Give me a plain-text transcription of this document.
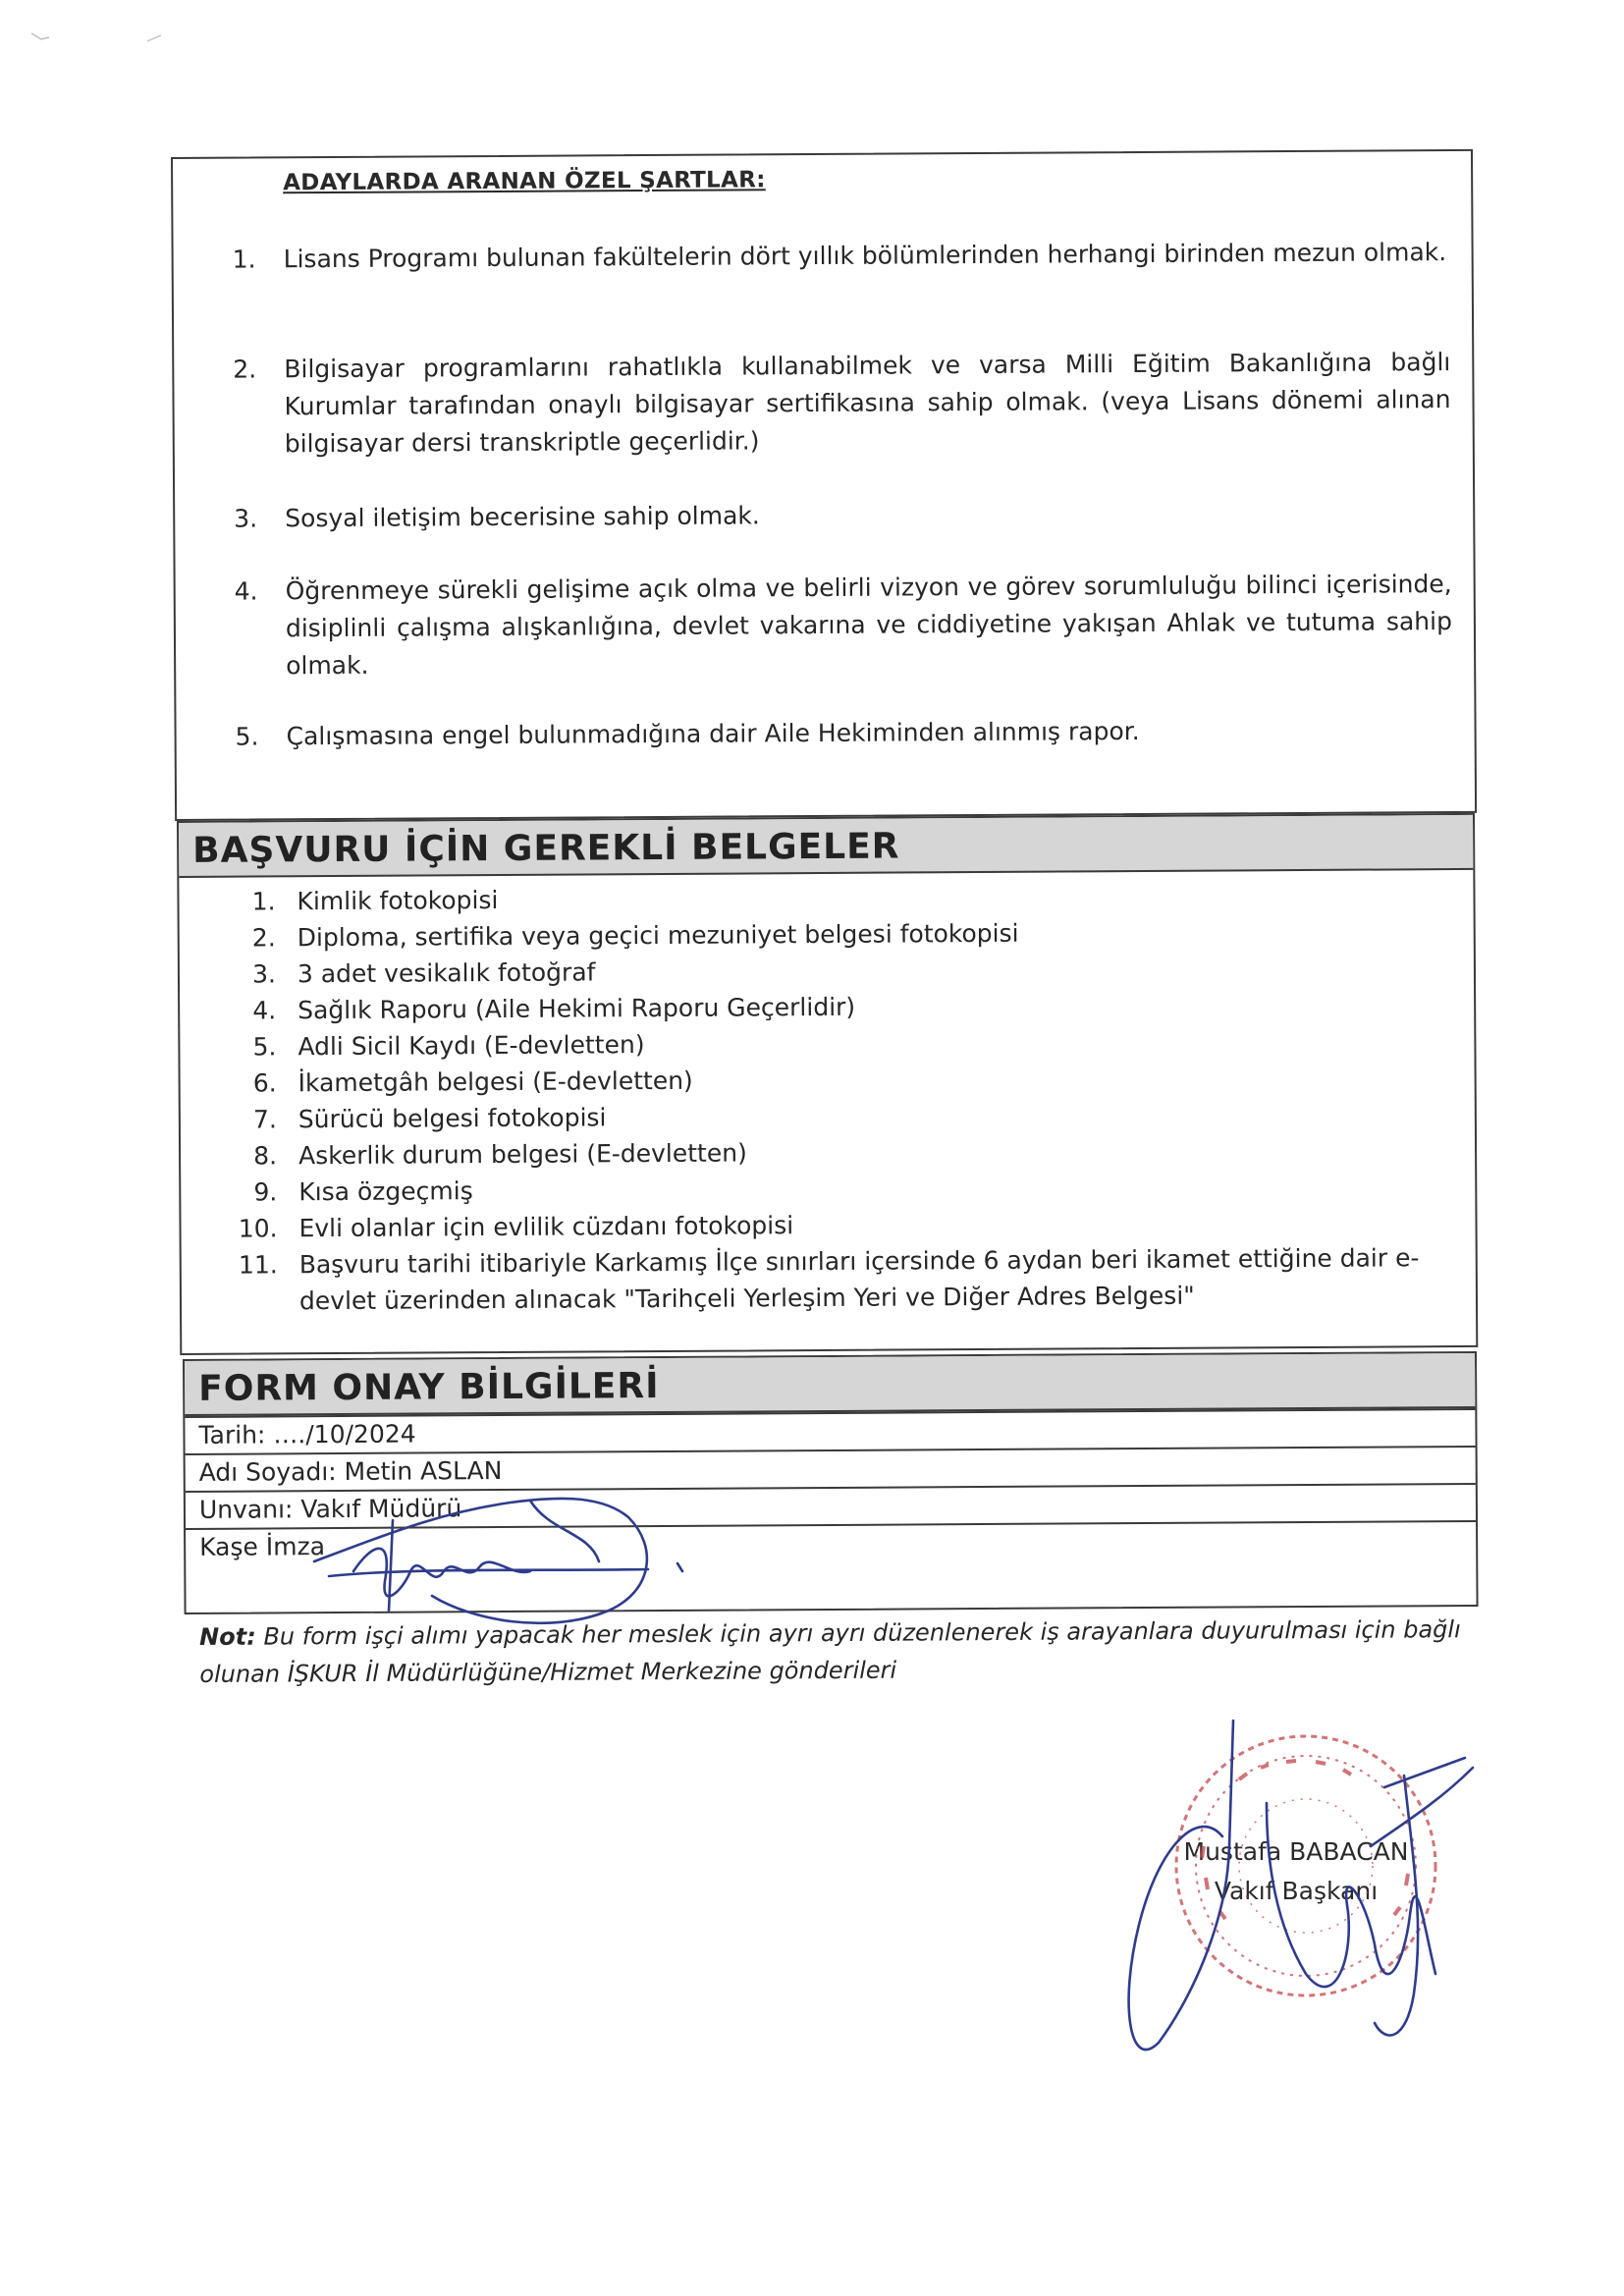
ADAYLARDA ARANAN ÖZEL ŞARTLAR:
1.	Lisans Programı bulunan fakültelerin dört yıllık bölümlerinden herhangi birinden mezun olmak.
2.	Bilgisayar programlarını rahatlıkla kullanabilmek ve varsa Milli Eğitim Bakanlığına bağlı Kurumlar tarafından onaylı bilgisayar sertifikasına sahip olmak. (veya Lisans dönemi alınan bilgisayar dersi transkriptle geçerlidir.)
3.	Sosyal iletişim becerisine sahip olmak.
4.	Öğrenmeye sürekli gelişime açık olma ve belirli vizyon ve görev sorumluluğu bilinci içerisinde, disiplinli çalışma alışkanlığına, devlet vakarına ve ciddiyetine yakışan Ahlak ve tutuma sahip olmak.
5.	Çalışmasına engel bulunmadığına dair Aile Hekiminden alınmış rapor.
BAŞVURU İÇİN GEREKLİ BELGELER
1. Kimlik fotokopisi
2. Diploma, sertifika veya geçici mezuniyet belgesi fotokopisi
3. 3 adet vesikalık fotoğraf
4. Sağlık Raporu (Aile Hekimi Raporu Geçerlidir)
5. Adli Sicil Kaydı (E-devletten)
6. İkametgâh belgesi (E-devletten)
7. Sürücü belgesi fotokopisi
8. Askerlik durum belgesi (E-devletten)
9. Kısa özgeçmiş
10. Evli olanlar için evlilik cüzdanı fotokopisi
11. Başvuru tarihi itibariyle Karkamış İlçe sınırları içersinde 6 aydan beri ikamet ettiğine dair e-devlet üzerinden alınacak "Tarihçeli Yerleşim Yeri ve Diğer Adres Belgesi"
FORM ONAY BİLGİLERİ
Tarih: …./10/2024
Adı Soyadı: Metin ASLAN
Unvanı: Vakıf Müdürü
Kaşe İmza
Not: Bu form işçi alımı yapacak her meslek için ayrı ayrı düzenlenerek iş arayanlara duyurulması için bağlı olunan İŞKUR İl Müdürlüğüne/Hizmet Merkezine gönderileri
Mustafa BABACAN
Vakıf Başkanı
